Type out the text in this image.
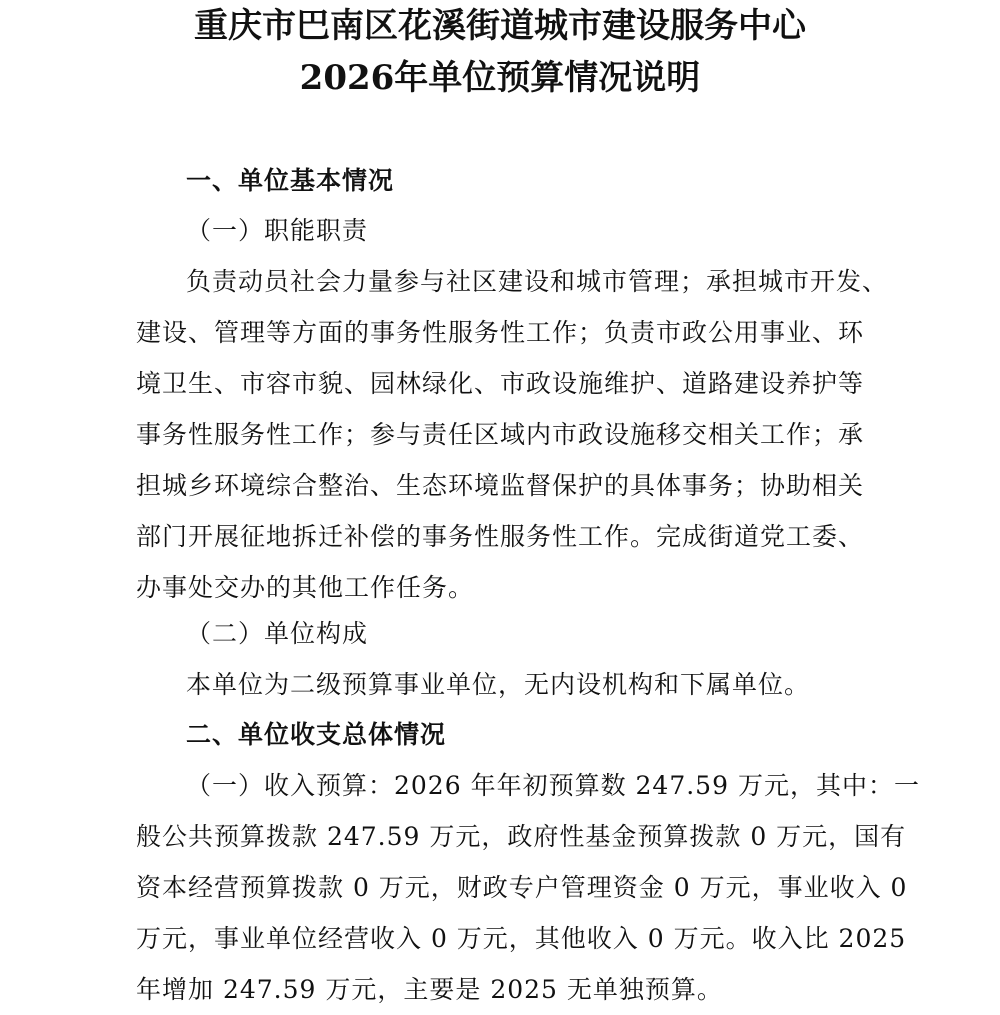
重庆市巴南区花溪街道城市建设服务中心
2026年单位预算情况说明
一、单位基本情况
（一）职能职责
负责动员社会力量参与社区建设和城市管理；承担城市开发、
建设、管理等方面的事务性服务性工作；负责市政公用事业、环
境卫生、市容市貌、园林绿化、市政设施维护、道路建设养护等
事务性服务性工作；参与责任区域内市政设施移交相关工作；承
担城乡环境综合整治、生态环境监督保护的具体事务；协助相关
部门开展征地拆迁补偿的事务性服务性工作。完成街道党工委、
办事处交办的其他工作任务。
（二）单位构成
本单位为二级预算事业单位，无内设机构和下属单位。
二、单位收支总体情况
（一）收入预算：2026 年年初预算数 247.59 万元，其中：一
般公共预算拨款 247.59 万元，政府性基金预算拨款 0 万元，国有
资本经营预算拨款 0 万元，财政专户管理资金 0 万元，事业收入 0
万元，事业单位经营收入 0 万元，其他收入 0 万元。收入比 2025
年增加 247.59 万元，主要是 2025 无单独预算。
